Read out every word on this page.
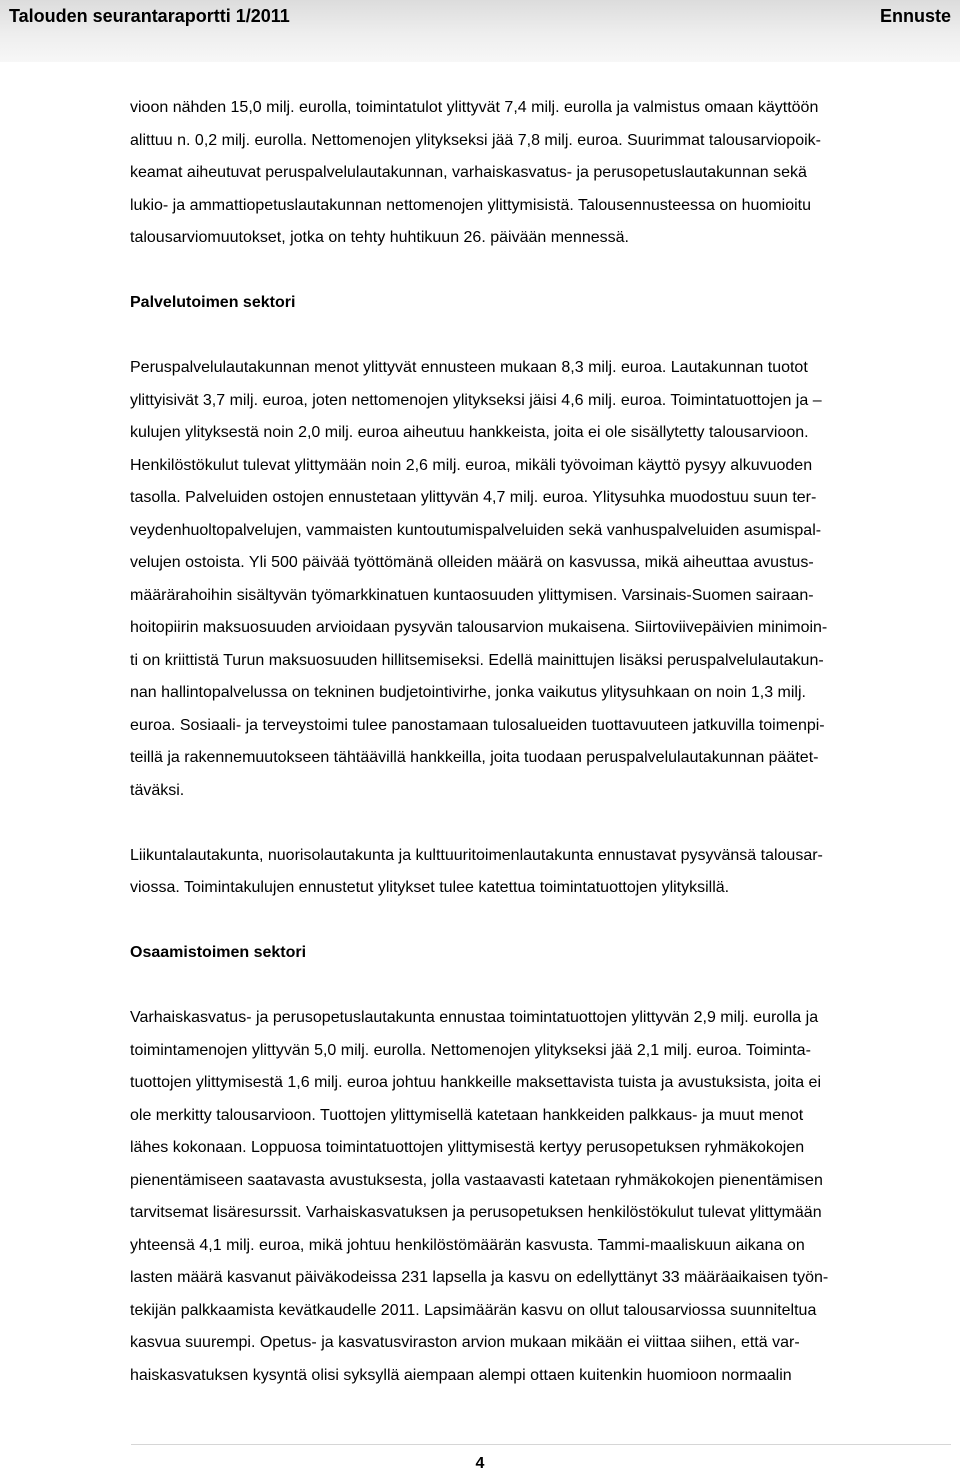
Talouden seurantaraportti 1/2011	Ennuste

vioon nähden 15,0 milj. eurolla, toimintatulot ylittyvät 7,4 milj. eurolla ja valmistus omaan käyttöön
alittuu n. 0,2 milj. eurolla. Nettomenojen ylitykseksi jää 7,8 milj. euroa. Suurimmat talousarviopoik-
keamat aiheutuvat peruspalvelulautakunnan, varhaiskasvatus- ja perusopetuslautakunnan sekä
lukio- ja ammattiopetuslautakunnan nettomenojen ylittymisistä. Talousennusteessa on huomioitu
talousarviomuutokset, jotka on tehty huhtikuun 26. päivään mennessä.

Palvelutoimen sektori

Peruspalvelulautakunnan menot ylittyvät ennusteen mukaan 8,3 milj. euroa. Lautakunnan tuotot
ylittyisivät 3,7 milj. euroa, joten nettomenojen ylitykseksi jäisi 4,6 milj. euroa. Toimintatuottojen ja –
kulujen ylityksestä noin 2,0 milj. euroa aiheutuu hankkeista, joita ei ole sisällytetty talousarvioon.
Henkilöstökulut tulevat ylittymään noin 2,6 milj. euroa, mikäli työvoiman käyttö pysyy alkuvuoden
tasolla. Palveluiden ostojen ennustetaan ylittyvän 4,7 milj. euroa. Ylitysuhka muodostuu suun ter-
veydenhuoltopalvelujen, vammaisten kuntoutumispalveluiden sekä vanhuspalveluiden asumispal-
velujen ostoista. Yli 500 päivää työttömänä olleiden määrä on kasvussa, mikä aiheuttaa avustus-
määrärahoihin sisältyvän työmarkkinatuen kuntaosuuden ylittymisen. Varsinais-Suomen sairaan-
hoitopiirin maksuosuuden arvioidaan pysyvän talousarvion mukaisena. Siirtoviivepäivien minimoin-
ti on kriittistä Turun maksuosuuden hillitsemiseksi. Edellä mainittujen lisäksi peruspalvelulautakun-
nan hallintopalvelussa on tekninen budjetointivirhe, jonka vaikutus ylitysuhkaan on noin 1,3 milj.
euroa. Sosiaali- ja terveystoimi tulee panostamaan tulosalueiden tuottavuuteen jatkuvilla toimenpi-
teillä ja rakennemuutokseen tähtäävillä hankkeilla, joita tuodaan peruspalvelulautakunnan päätet-
täväksi.

Liikuntalautakunta, nuorisolautakunta ja kulttuuritoimenlautakunta ennustavat pysyvänsä talousar-
viossa. Toimintakulujen ennustetut ylitykset tulee katettua toimintatuottojen ylityksillä.

Osaamistoimen sektori

Varhaiskasvatus- ja perusopetuslautakunta ennustaa toimintatuottojen ylittyvän 2,9 milj. eurolla ja
toimintamenojen ylittyvän 5,0 milj. eurolla. Nettomenojen ylitykseksi jää 2,1 milj. euroa. Toiminta-
tuottojen ylittymisestä 1,6 milj. euroa johtuu hankkeille maksettavista tuista ja avustuksista, joita ei
ole merkitty talousarvioon. Tuottojen ylittymisellä katetaan hankkeiden palkkaus- ja muut menot
lähes kokonaan. Loppuosa toimintatuottojen ylittymisestä kertyy perusopetuksen ryhmäkokojen
pienentämiseen saatavasta avustuksesta, jolla vastaavasti katetaan ryhmäkokojen pienentämisen
tarvitsemat lisäresurssit. Varhaiskasvatuksen ja perusopetuksen henkilöstökulut tulevat ylittymään
yhteensä 4,1 milj. euroa, mikä johtuu henkilöstömäärän kasvusta. Tammi-maaliskuun aikana on
lasten määrä kasvanut päiväkodeissa 231 lapsella ja kasvu on edellyttänyt 33 määräaikaisen työn-
tekijän palkkaamista kevätkaudelle 2011. Lapsimäärän kasvu on ollut talousarviossa suunniteltua
kasvua suurempi. Opetus- ja kasvatusviraston arvion mukaan mikään ei viittaa siihen, että var-
haiskasvatuksen kysyntä olisi syksyllä aiempaan alempi ottaen kuitenkin huomioon normaalin

4
